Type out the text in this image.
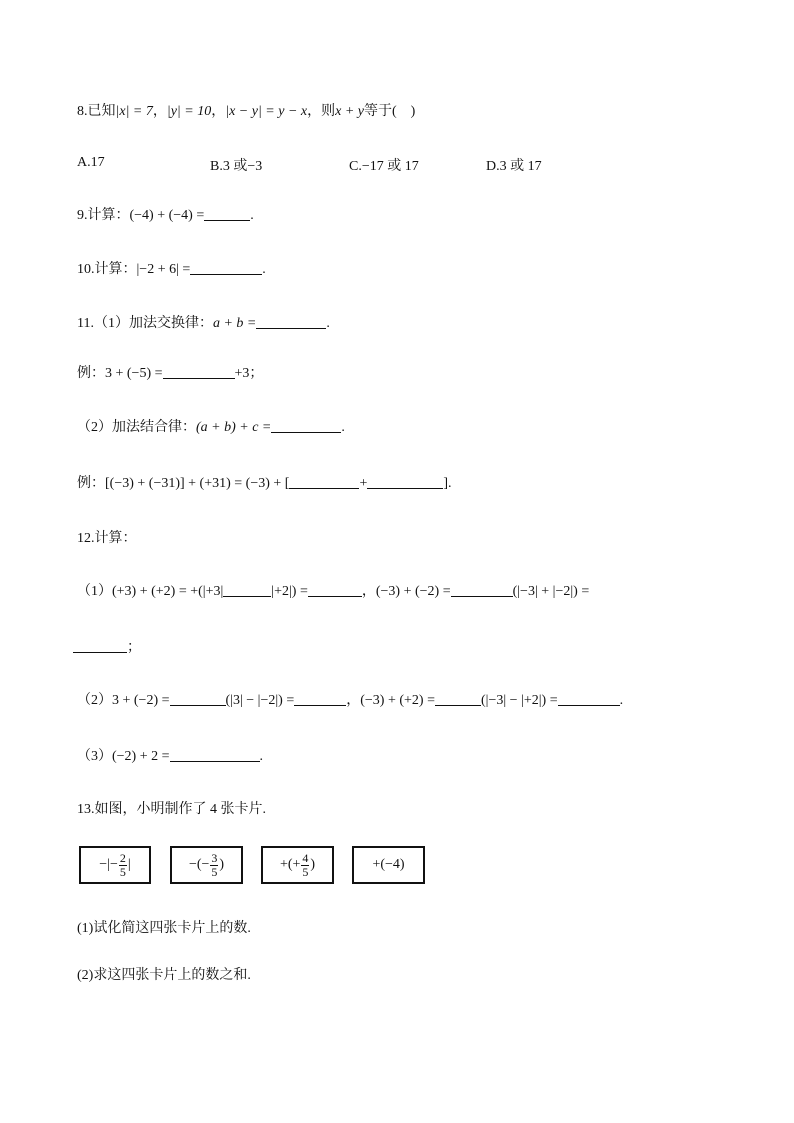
8.已知|x| = 7，|y| = 10，|x − y| = y − x，则x + y等于(　)
A.17	B.3 或−3	C.−17 或 17	D.3 或 17
9.计算：(−4) + (−4) =	.
10.计算：|−2 + 6| =	.
11.（1）加法交换律：a + b =	.
例：3 + (−5) =	+3；
（2）加法结合律：(a + b) + c =	.
例：[(−3) + (−31)] + (+31) = (−3) + [	+	].
12.计算：
（1）(+3) + (+2) = +(|+3|	|+2|) =	，(−3) + (−2) =	(|−3| + |−2|) =
；
（2）3 + (−2) =	(|3| − |−2|) =	，(−3) + (+2) =	(|−3| − |+2|) =	.
（3）(−2) + 2 =	.
13.如图，小明制作了 4 张卡片.
−|− $\frac{2}{5}$ |	−(− $\frac{3}{5}$ )	+(+ $\frac{4}{5}$ )	+(−4)
(1)试化简这四张卡片上的数.
(2)求这四张卡片上的数之和.
